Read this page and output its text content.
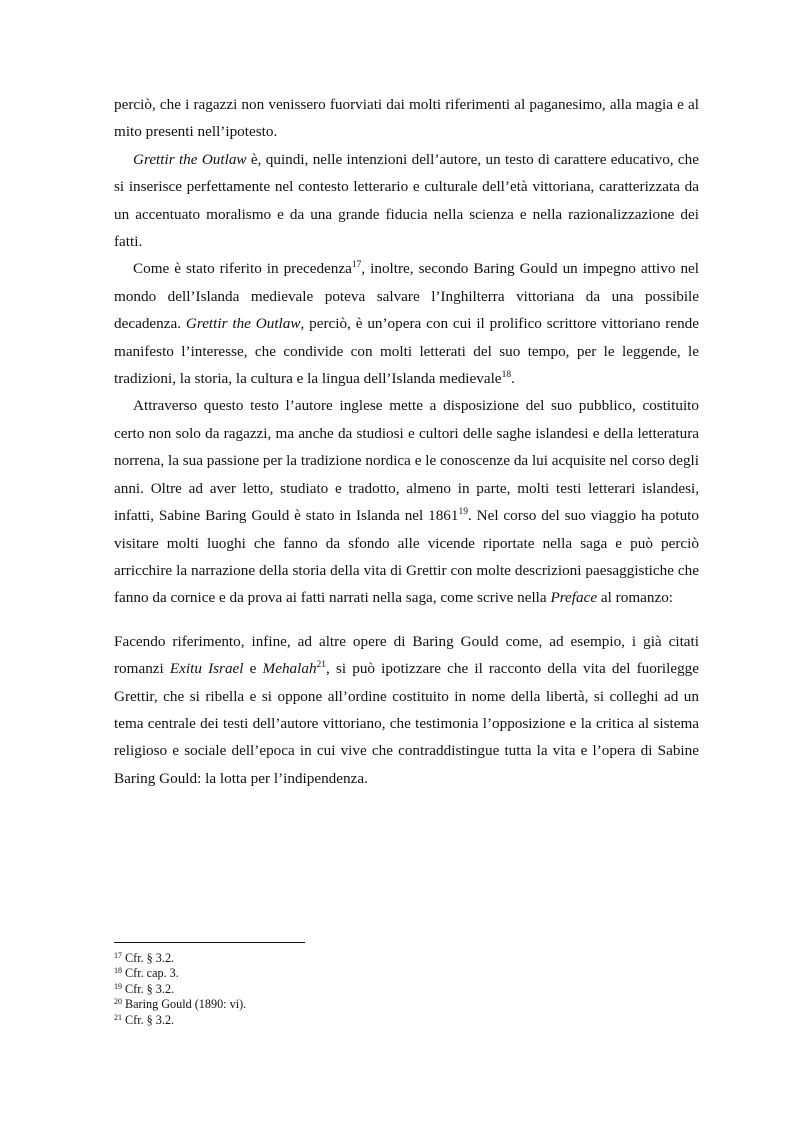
perciò, che i ragazzi non venissero fuorviati dai molti riferimenti al paganesimo, alla magia e al mito presenti nell’ipotesto.

Grettir the Outlaw è, quindi, nelle intenzioni dell’autore, un testo di carattere educativo, che si inserisce perfettamente nel contesto letterario e culturale dell’età vittoriana, caratterizzata da un accentuato moralismo e da una grande fiducia nella scienza e nella razionalizzazione dei fatti.

Come è stato riferito in precedenza$^{17}$, inoltre, secondo Baring Gould un impegno attivo nel mondo dell’Islanda medievale poteva salvare l’Inghilterra vittoriana da una possibile decadenza. Grettir the Outlaw, perciò, è un’opera con cui il prolifico scrittore vittoriano rende manifesto l’interesse, che condivide con molti letterati del suo tempo, per le leggende, le tradizioni, la storia, la cultura e la lingua dell’Islanda medievale$^{18}$.

Attraverso questo testo l’autore inglese mette a disposizione del suo pubblico, costituito certo non solo da ragazzi, ma anche da studiosi e cultori delle saghe islandesi e della letteratura norrena, la sua passione per la tradizione nordica e le conoscenze da lui acquisite nel corso degli anni. Oltre ad aver letto, studiato e tradotto, almeno in parte, molti testi letterari islandesi, infatti, Sabine Baring Gould è stato in Islanda nel 1861$^{19}$. Nel corso del suo viaggio ha potuto visitare molti luoghi che fanno da sfondo alle vicende riportate nella saga e può perciò arricchire la narrazione della storia della vita di Grettir con molte descrizioni paesaggistiche che fanno da cornice e da prova ai fatti narrati nella saga, come scrive nella Preface al romanzo:

Facendo riferimento, infine, ad altre opere di Baring Gould come, ad esempio, i già citati romanzi Exitu Israel e Mehalah$^{21}$, si può ipotizzare che il racconto della vita del fuorilegge Grettir, che si ribella e si oppone all’ordine costituito in nome della libertà, si colleghi ad un tema centrale dei testi dell’autore vittoriano, che testimonia l’opposizione e la critica al sistema religioso e sociale dell’epoca in cui vive che contraddistingue tutta la vita e l’opera di Sabine Baring Gould: la lotta per l’indipendenza.

$^{17}$ Cfr. § 3.2.
$^{18}$ Cfr. cap. 3.
$^{19}$ Cfr. § 3.2.
$^{20}$ Baring Gould (1890: vi).
$^{21}$ Cfr. § 3.2.
